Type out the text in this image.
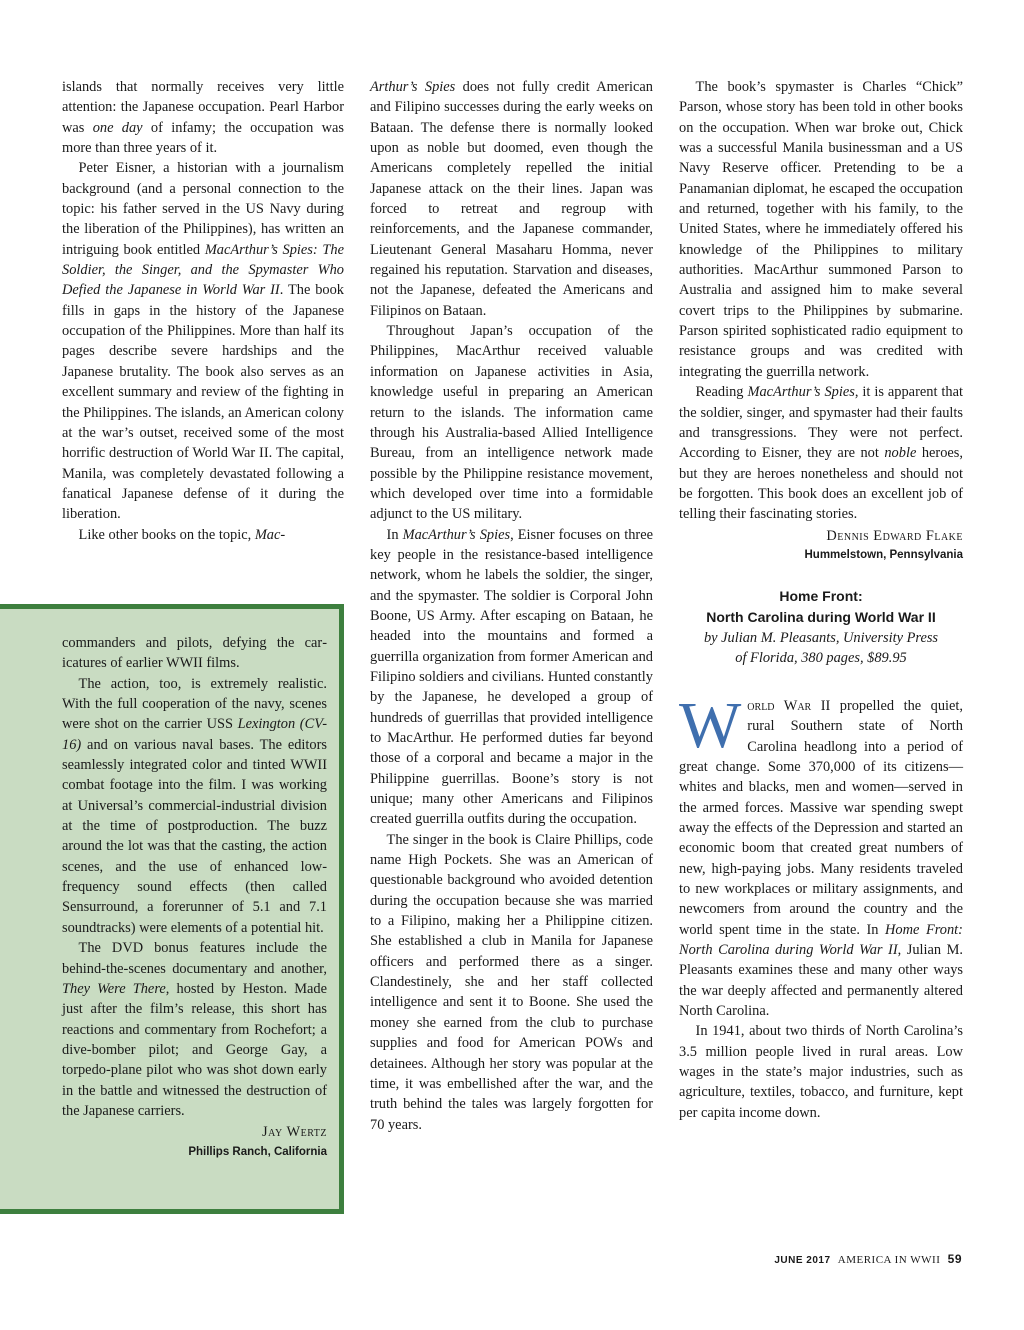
islands that normally receives very little attention: the Japanese occupation. Pearl Harbor was one day of infamy; the occupation was more than three years of it.

Peter Eisner, a historian with a journalism background (and a personal connection to the topic: his father served in the US Navy during the liberation of the Philippines), has written an intriguing book entitled MacArthur’s Spies: The Soldier, the Singer, and the Spymaster Who Defied the Japanese in World War II. The book fills in gaps in the history of the Japanese occupation of the Philippines. More than half its pages describe severe hardships and the Japanese brutality. The book also serves as an excellent summary and review of the fighting in the Philippines. The islands, an American colony at the war’s outset, received some of the most horrific destruction of World War II. The capital, Manila, was completely devastated following a fanatical Japanese defense of it during the liberation.

Like other books on the topic, Mac-

commanders and pilots, defying the caricatures of earlier WWII films.

The action, too, is extremely realistic. With the full cooperation of the navy, scenes were shot on the carrier USS Lexington (CV-16) and on various naval bases. The editors seamlessly integrated color and tinted WWII combat footage into the film. I was working at Universal’s commercial-industrial division at the time of postproduction. The buzz around the lot was that the casting, the action scenes, and the use of enhanced low-frequency sound effects (then called Sensurround, a forerunner of 5.1 and 7.1 soundtracks) were elements of a potential hit.

The DVD bonus features include the behind-the-scenes documentary and another, They Were There, hosted by Heston. Made just after the film’s release, this short has reactions and commentary from Rochefort; a dive-bomber pilot; and George Gay, a torpedo-plane pilot who was shot down early in the battle and witnessed the destruction of the Japanese carriers.

Jay Wertz

Phillips Ranch, California

Arthur’s Spies does not fully credit American and Filipino successes during the early weeks on Bataan. The defense there is normally looked upon as noble but doomed, even though the Americans completely repelled the initial Japanese attack on the their lines. Japan was forced to retreat and regroup with reinforcements, and the Japanese commander, Lieutenant General Masaharu Homma, never regained his reputation. Starvation and diseases, not the Japanese, defeated the Americans and Filipinos on Bataan.

Throughout Japan’s occupation of the Philippines, MacArthur received valuable information on Japanese activities in Asia, knowledge useful in preparing an American return to the islands. The information came through his Australia-based Allied Intelligence Bureau, from an intelligence network made possible by the Philippine resistance movement, which developed over time into a formidable adjunct to the US military.

In MacArthur’s Spies, Eisner focuses on three key people in the resistance-based intelligence network, whom he labels the soldier, the singer, and the spymaster. The soldier is Corporal John Boone, US Army. After escaping on Bataan, he headed into the mountains and formed a guerrilla organization from former American and Filipino soldiers and civilians. Hunted constantly by the Japanese, he developed a group of hundreds of guerrillas that provided intelligence to MacArthur. He performed duties far beyond those of a corporal and became a major in the Philippine guerrillas. Boone’s story is not unique; many other Americans and Filipinos created guerrilla outfits during the occupation.

The singer in the book is Claire Phillips, code name High Pockets. She was an American of questionable background who avoided detention during the occupation because she was married to a Filipino, making her a Philippine citizen. She established a club in Manila for Japanese officers and performed there as a singer. Clandestinely, she and her staff collected intelligence and sent it to Boone. She used the money she earned from the club to purchase supplies and food for American POWs and detainees. Although her story was popular at the time, it was embellished after the war, and the truth behind the tales was largely forgotten for 70 years.

The book’s spymaster is Charles “Chick” Parson, whose story has been told in other books on the occupation. When war broke out, Chick was a successful Manila businessman and a US Navy Reserve officer. Pretending to be a Panamanian diplomat, he escaped the occupation and returned, together with his family, to the United States, where he immediately offered his knowledge of the Philippines to military authorities. MacArthur summoned Parson to Australia and assigned him to make several covert trips to the Philippines by submarine. Parson spirited sophisticated radio equipment to resistance groups and was credited with integrating the guerrilla network.

Reading MacArthur’s Spies, it is apparent that the soldier, singer, and spymaster had their faults and transgressions. They were not perfect. According to Eisner, they are not noble heroes, but they are heroes nonetheless and should not be forgotten. This book does an excellent job of telling their fascinating stories.

Dennis Edward Flake

Hummelstown, Pennsylvania

Home Front:
North Carolina during World War II

by Julian M. Pleasants, University Press
of Florida, 380 pages, $89.95

World War II propelled the quiet, rural Southern state of North Carolina headlong into a period of great change. Some 370,000 of its citizens—whites and blacks, men and women—served in the armed forces. Massive war spending swept away the effects of the Depression and started an economic boom that created great numbers of new, high-paying jobs. Many residents traveled to new workplaces or military assignments, and newcomers from around the country and the world spent time in the state. In Home Front: North Carolina during World War II, Julian M. Pleasants examines these and many other ways the war deeply affected and permanently altered North Carolina.

In 1941, about two thirds of North Carolina’s 3.5 million people lived in rural areas. Low wages in the state’s major industries, such as agriculture, textiles, tobacco, and furniture, kept per capita income down.

JUNE 2017 AMERICA IN WWII 59
